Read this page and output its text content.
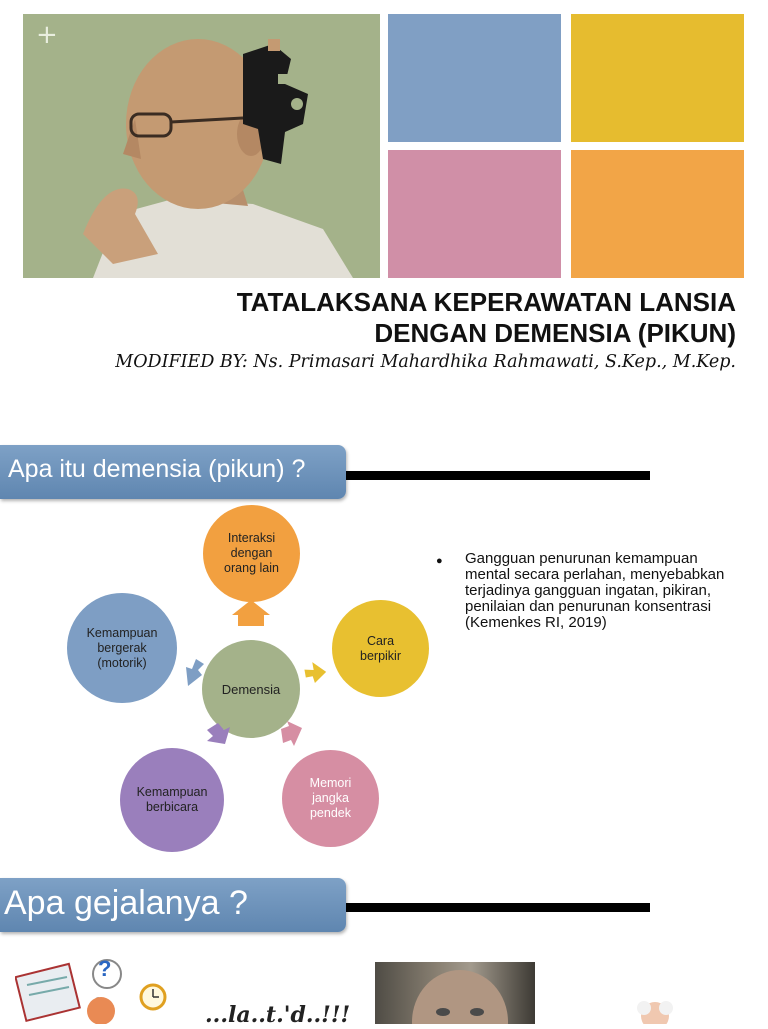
+
TATALAKSANA KEPERAWATAN LANSIA
DENGAN DEMENSIA (PIKUN)
MODIFIED BY: Ns. Primasari Mahardhika Rahmawati, S.Kep., M.Kep.
Apa itu demensia (pikun) ?
Interaksi dengan orang lain
Cara berpikir
Memori jangka pendek
Kemampuan berbicara
Kemampuan bergerak (motorik)
Demensia
● Gangguan penurunan kemampuan mental secara perlahan, menyebabkan terjadinya gangguan ingatan, pikiran, penilaian dan penurunan konsentrasi (Kemenkes RI, 2019)
Apa gejalanya ?
?
...la..t.'d..!!!
